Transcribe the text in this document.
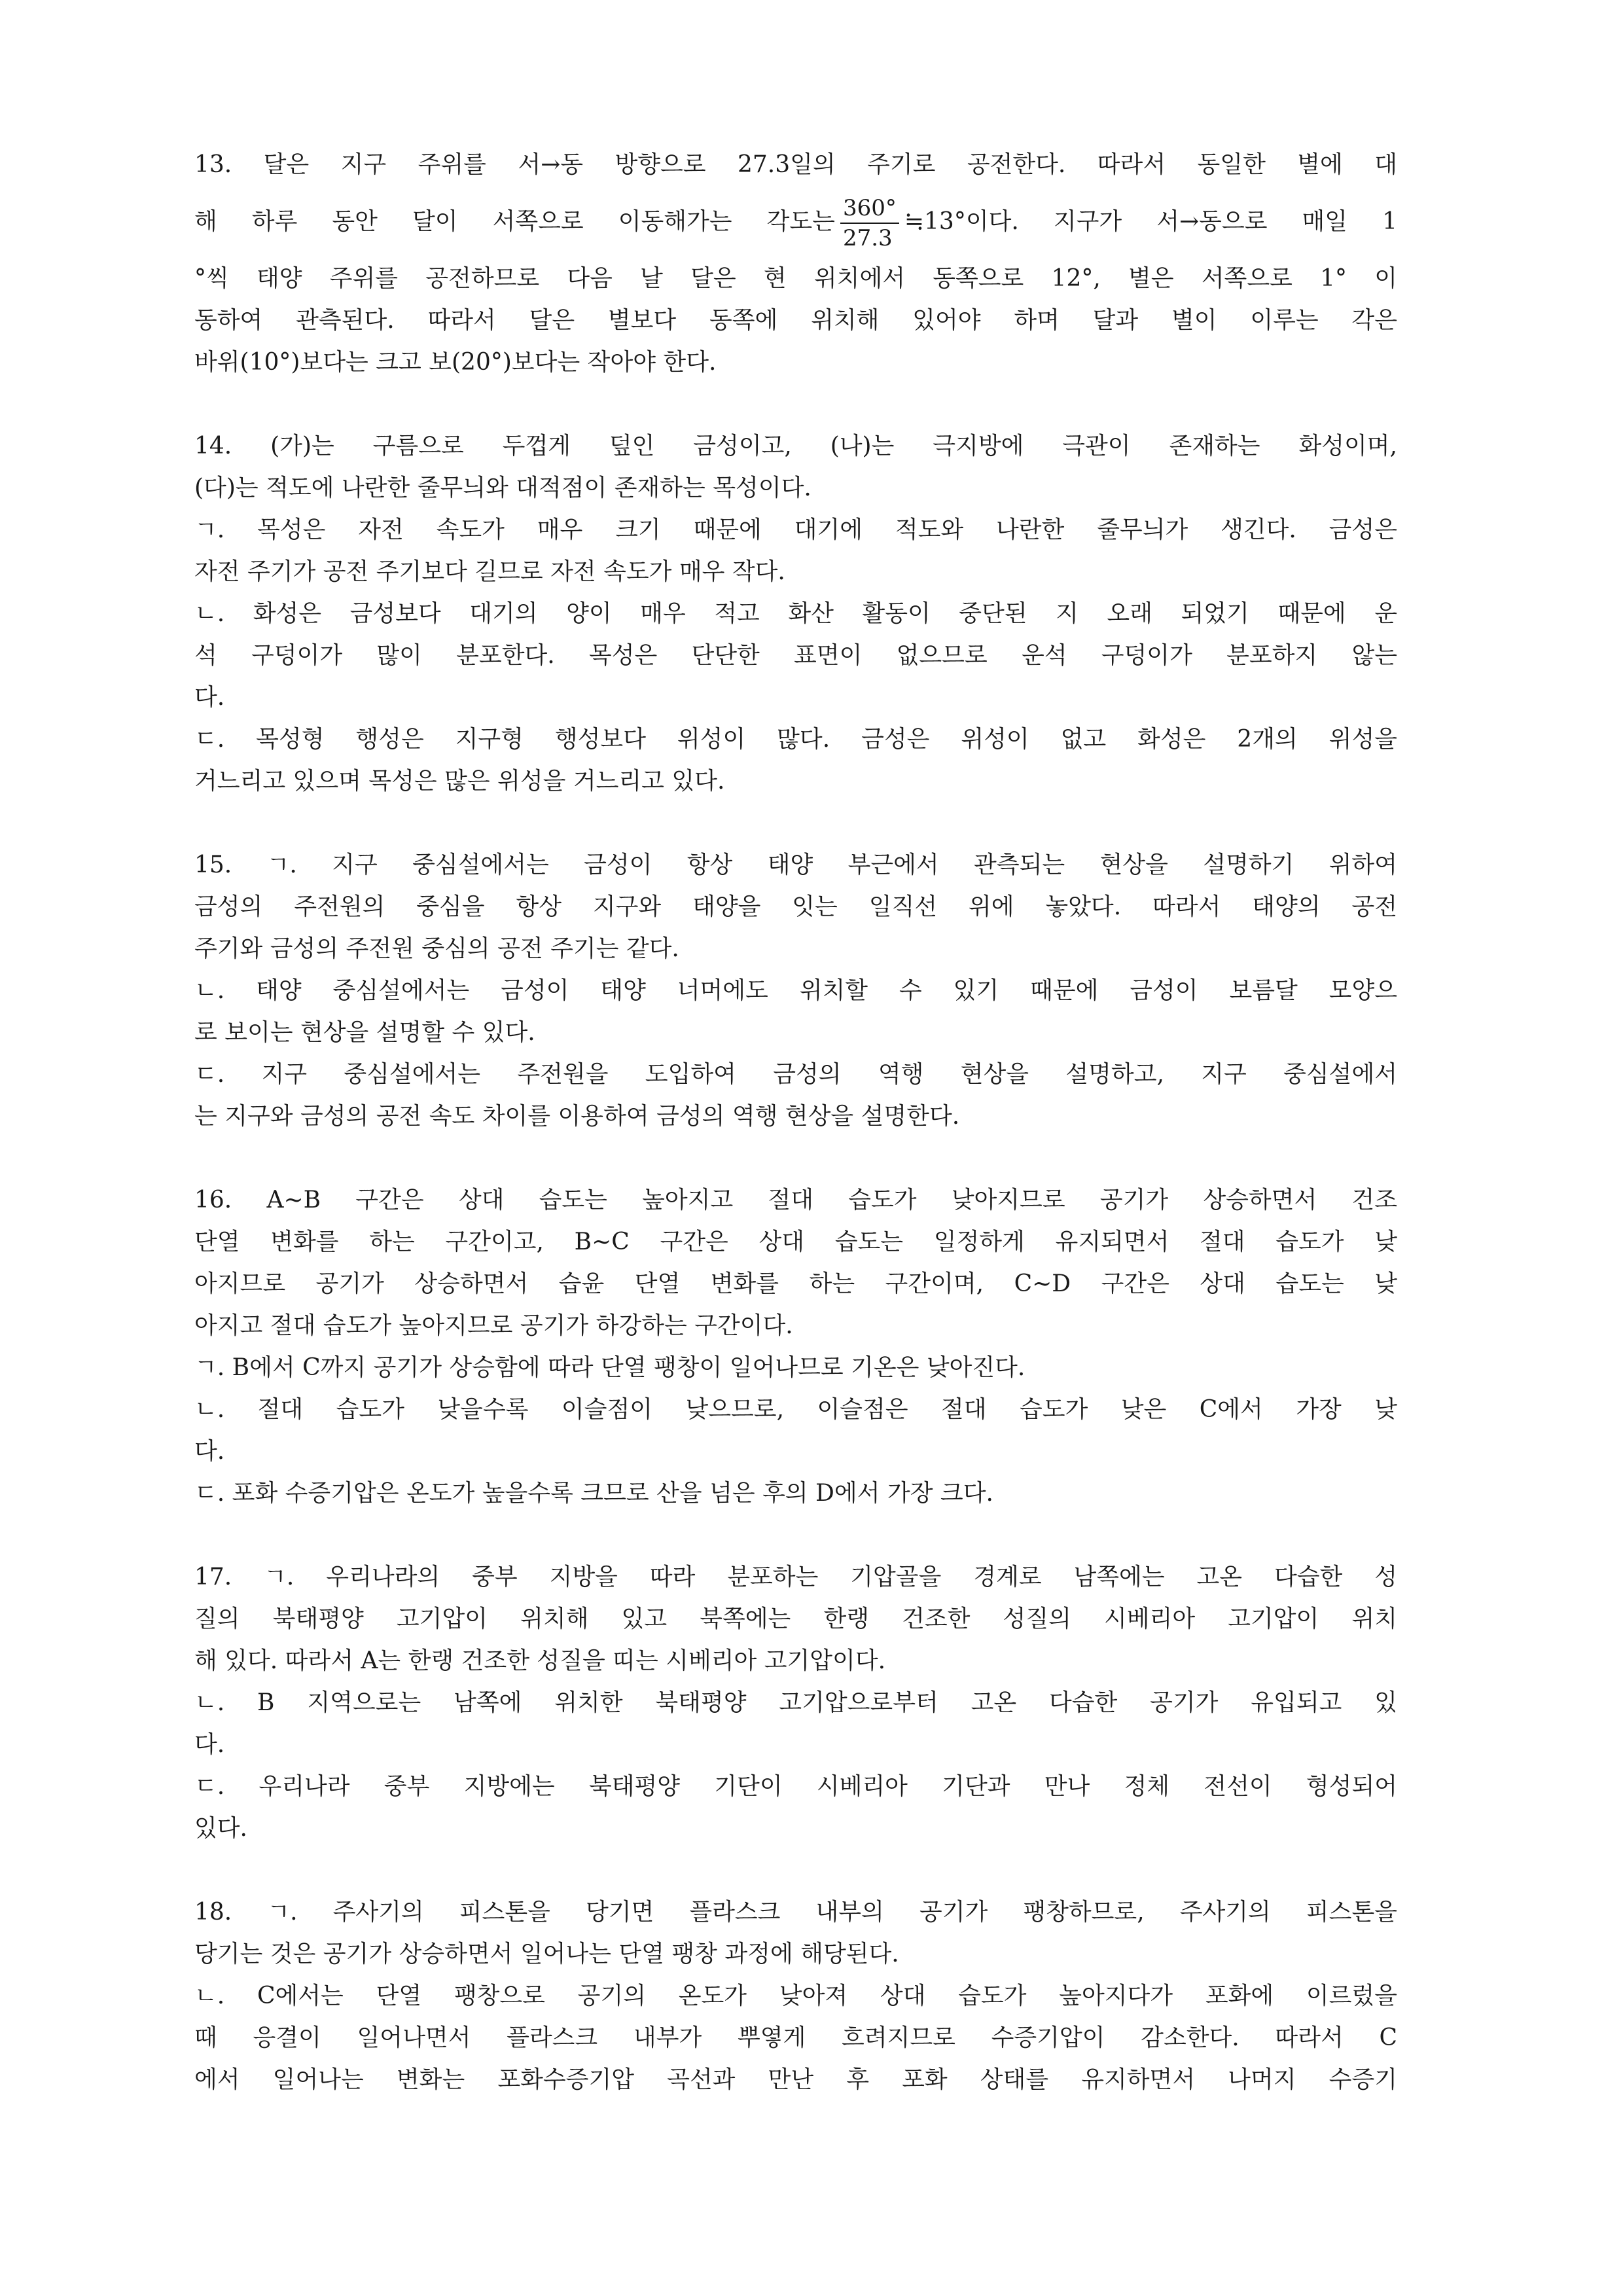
13. 달은 지구 주위를 서→동 방향으로 27.3일의 주기로 공전한다. 따라서 동일한 별에 대
해 하루 동안 달이 서쪽으로 이동해가는 각도는 $\frac{360^\circ}{27.3}$ ≒13°이다. 지구가 서→동으로 매일 1
°씩 태양 주위를 공전하므로 다음 날 달은 현 위치에서 동쪽으로 12°, 별은 서쪽으로 1° 이
동하여 관측된다. 따라서 달은 별보다 동쪽에 위치해 있어야 하며 달과 별이 이루는 각은
바위(10°)보다는 크고 보(20°)보다는 작아야 한다.
14. (가)는 구름으로 두껍게 덮인 금성이고, (나)는 극지방에 극관이 존재하는 화성이며,
(다)는 적도에 나란한 줄무늬와 대적점이 존재하는 목성이다.
ㄱ. 목성은 자전 속도가 매우 크기 때문에 대기에 적도와 나란한 줄무늬가 생긴다. 금성은
자전 주기가 공전 주기보다 길므로 자전 속도가 매우 작다.
ㄴ. 화성은 금성보다 대기의 양이 매우 적고 화산 활동이 중단된 지 오래 되었기 때문에 운
석 구덩이가 많이 분포한다. 목성은 단단한 표면이 없으므로 운석 구덩이가 분포하지 않는
다.
ㄷ. 목성형 행성은 지구형 행성보다 위성이 많다. 금성은 위성이 없고 화성은 2개의 위성을
거느리고 있으며 목성은 많은 위성을 거느리고 있다.
15. ㄱ. 지구 중심설에서는 금성이 항상 태양 부근에서 관측되는 현상을 설명하기 위하여
금성의 주전원의 중심을 항상 지구와 태양을 잇는 일직선 위에 놓았다. 따라서 태양의 공전
주기와 금성의 주전원 중심의 공전 주기는 같다.
ㄴ. 태양 중심설에서는 금성이 태양 너머에도 위치할 수 있기 때문에 금성이 보름달 모양으
로 보이는 현상을 설명할 수 있다.
ㄷ. 지구 중심설에서는 주전원을 도입하여 금성의 역행 현상을 설명하고, 지구 중심설에서
는 지구와 금성의 공전 속도 차이를 이용하여 금성의 역행 현상을 설명한다.
16. A~B 구간은 상대 습도는 높아지고 절대 습도가 낮아지므로 공기가 상승하면서 건조
단열 변화를 하는 구간이고, B~C 구간은 상대 습도는 일정하게 유지되면서 절대 습도가 낮
아지므로 공기가 상승하면서 습윤 단열 변화를 하는 구간이며, C~D 구간은 상대 습도는 낮
아지고 절대 습도가 높아지므로 공기가 하강하는 구간이다.
ㄱ. B에서 C까지 공기가 상승함에 따라 단열 팽창이 일어나므로 기온은 낮아진다.
ㄴ. 절대 습도가 낮을수록 이슬점이 낮으므로, 이슬점은 절대 습도가 낮은 C에서 가장 낮
다.
ㄷ. 포화 수증기압은 온도가 높을수록 크므로 산을 넘은 후의 D에서 가장 크다.
17. ㄱ. 우리나라의 중부 지방을 따라 분포하는 기압골을 경계로 남쪽에는 고온 다습한 성
질의 북태평양 고기압이 위치해 있고 북쪽에는 한랭 건조한 성질의 시베리아 고기압이 위치
해 있다. 따라서 A는 한랭 건조한 성질을 띠는 시베리아 고기압이다.
ㄴ. B 지역으로는 남쪽에 위치한 북태평양 고기압으로부터 고온 다습한 공기가 유입되고 있
다.
ㄷ. 우리나라 중부 지방에는 북태평양 기단이 시베리아 기단과 만나 정체 전선이 형성되어
있다.
18. ㄱ. 주사기의 피스톤을 당기면 플라스크 내부의 공기가 팽창하므로, 주사기의 피스톤을
당기는 것은 공기가 상승하면서 일어나는 단열 팽창 과정에 해당된다.
ㄴ. C에서는 단열 팽창으로 공기의 온도가 낮아져 상대 습도가 높아지다가 포화에 이르렀을
때 응결이 일어나면서 플라스크 내부가 뿌옇게 흐려지므로 수증기압이 감소한다. 따라서 C
에서 일어나는 변화는 포화수증기압 곡선과 만난 후 포화 상태를 유지하면서 나머지 수증기
